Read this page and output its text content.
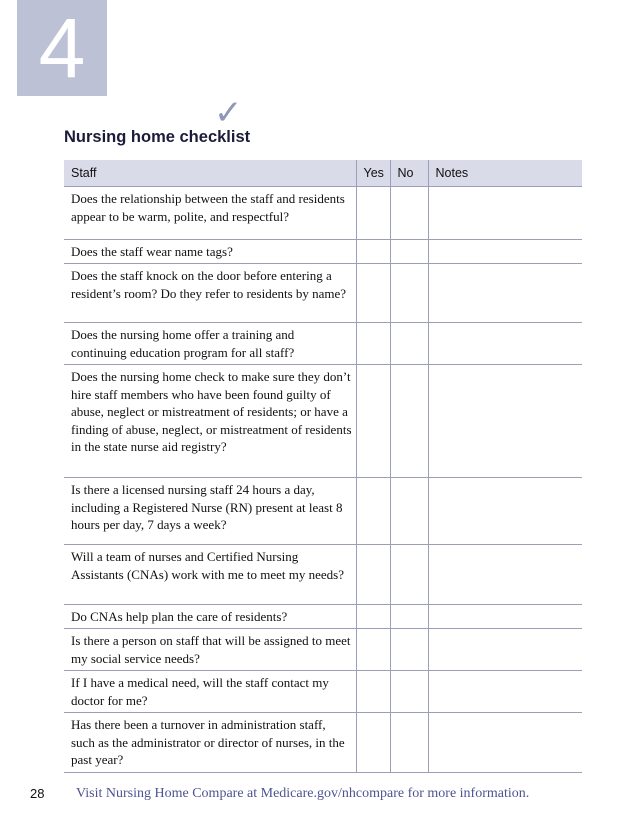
4
✓
Nursing home checklist
Staff	Yes	No	Notes
Does the relationship between the staff and residents appear to be warm, polite, and respectful?			
Does the staff wear name tags?			
Does the staff knock on the door before entering a resident’s room? Do they refer to residents by name?			
Does the nursing home offer a training and continuing education program for all staff?			
Does the nursing home check to make sure they don’t hire staff members who have been found guilty of abuse, neglect or mistreatment of residents; or have a finding of abuse, neglect, or mistreatment of residents in the state nurse aid registry?			
Is there a licensed nursing staff 24 hours a day, including a Registered Nurse (RN) present at least 8 hours per day, 7 days a week?			
Will a team of nurses and Certified Nursing Assistants (CNAs) work with me to meet my needs?			
Do CNAs help plan the care of residents?			
Is there a person on staff that will be assigned to meet my social service needs?			
If I have a medical need, will the staff contact my doctor for me?			
Has there been a turnover in administration staff, such as the administrator or director of nurses, in the past year?			
28 Visit Nursing Home Compare at Medicare.gov/nhcompare for more information.
